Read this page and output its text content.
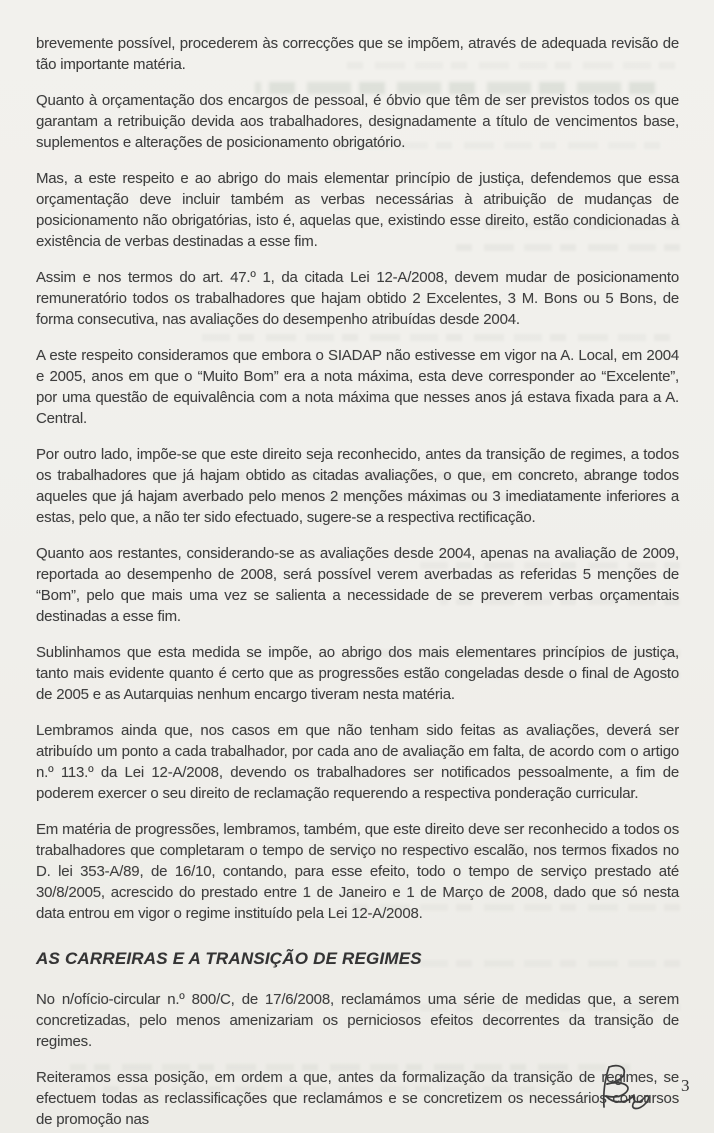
brevemente possível, procederem às correcções que se impõem, através de adequada revisão de tão importante matéria.

Quanto à orçamentação dos encargos de pessoal, é óbvio que têm de ser previstos todos os que garantam a retribuição devida aos trabalhadores, designadamente a título de vencimentos base, suplementos e alterações de posicionamento obrigatório.

Mas, a este respeito e ao abrigo do mais elementar princípio de justiça, defendemos que essa orçamentação deve incluir também as verbas necessárias à atribuição de mudanças de posicionamento não obrigatórias, isto é, aquelas que, existindo esse direito, estão condicionadas à existência de verbas destinadas a esse fim.

Assim e nos termos do art. 47.º 1, da citada Lei 12-A/2008, devem mudar de posicionamento remuneratório todos os trabalhadores que hajam obtido 2 Excelentes, 3 M. Bons ou 5 Bons, de forma consecutiva, nas avaliações do desempenho atribuídas desde 2004.

A este respeito consideramos que embora o SIADAP não estivesse em vigor na A. Local, em 2004 e 2005, anos em que o “Muito Bom” era a nota máxima, esta deve corresponder ao “Excelente”, por uma questão de equivalência com a nota máxima que nesses anos já estava fixada para a A. Central.

Por outro lado, impõe-se que este direito seja reconhecido, antes da transição de regimes, a todos os trabalhadores que já hajam obtido as citadas avaliações, o que, em concreto, abrange todos aqueles que já hajam averbado pelo menos 2 menções máximas ou 3 imediatamente inferiores a estas, pelo que, a não ter sido efectuado, sugere-se a respectiva rectificação.

Quanto aos restantes, considerando-se as avaliações desde 2004, apenas na avaliação de 2009, reportada ao desempenho de 2008, será possível verem averbadas as referidas 5 menções de “Bom”, pelo que mais uma vez se salienta a necessidade de se preverem verbas orçamentais destinadas a esse fim.

Sublinhamos que esta medida se impõe, ao abrigo dos mais elementares princípios de justiça, tanto mais evidente quanto é certo que as progressões estão congeladas desde o final de Agosto de 2005 e as Autarquias nenhum encargo tiveram nesta matéria.

Lembramos ainda que, nos casos em que não tenham sido feitas as avaliações, deverá ser atribuído um ponto a cada trabalhador, por cada ano de avaliação em falta, de acordo com o artigo n.º 113.º da Lei 12-A/2008, devendo os trabalhadores ser notificados pessoalmente, a fim de poderem exercer o seu direito de reclamação requerendo a respectiva ponderação curricular.

Em matéria de progressões, lembramos, também, que este direito deve ser reconhecido a todos os trabalhadores que completaram o tempo de serviço no respectivo escalão, nos termos fixados no D. lei 353-A/89, de 16/10, contando, para esse efeito, todo o tempo de serviço prestado até 30/8/2005, acrescido do prestado entre 1 de Janeiro e 1 de Março de 2008, dado que só nesta data entrou em vigor o regime instituído pela Lei 12-A/2008.

AS CARREIRAS E A TRANSIÇÃO DE REGIMES

No n/ofício-circular n.º 800/C, de 17/6/2008, reclamámos uma série de medidas que, a serem concretizadas, pelo menos amenizariam os perniciosos efeitos decorrentes da transição de regimes.

Reiteramos essa posição, em ordem a que, antes da formalização da transição de regimes, se efectuem todas as reclassificações que reclamámos e se concretizem os necessários concursos de promoção nas

3
